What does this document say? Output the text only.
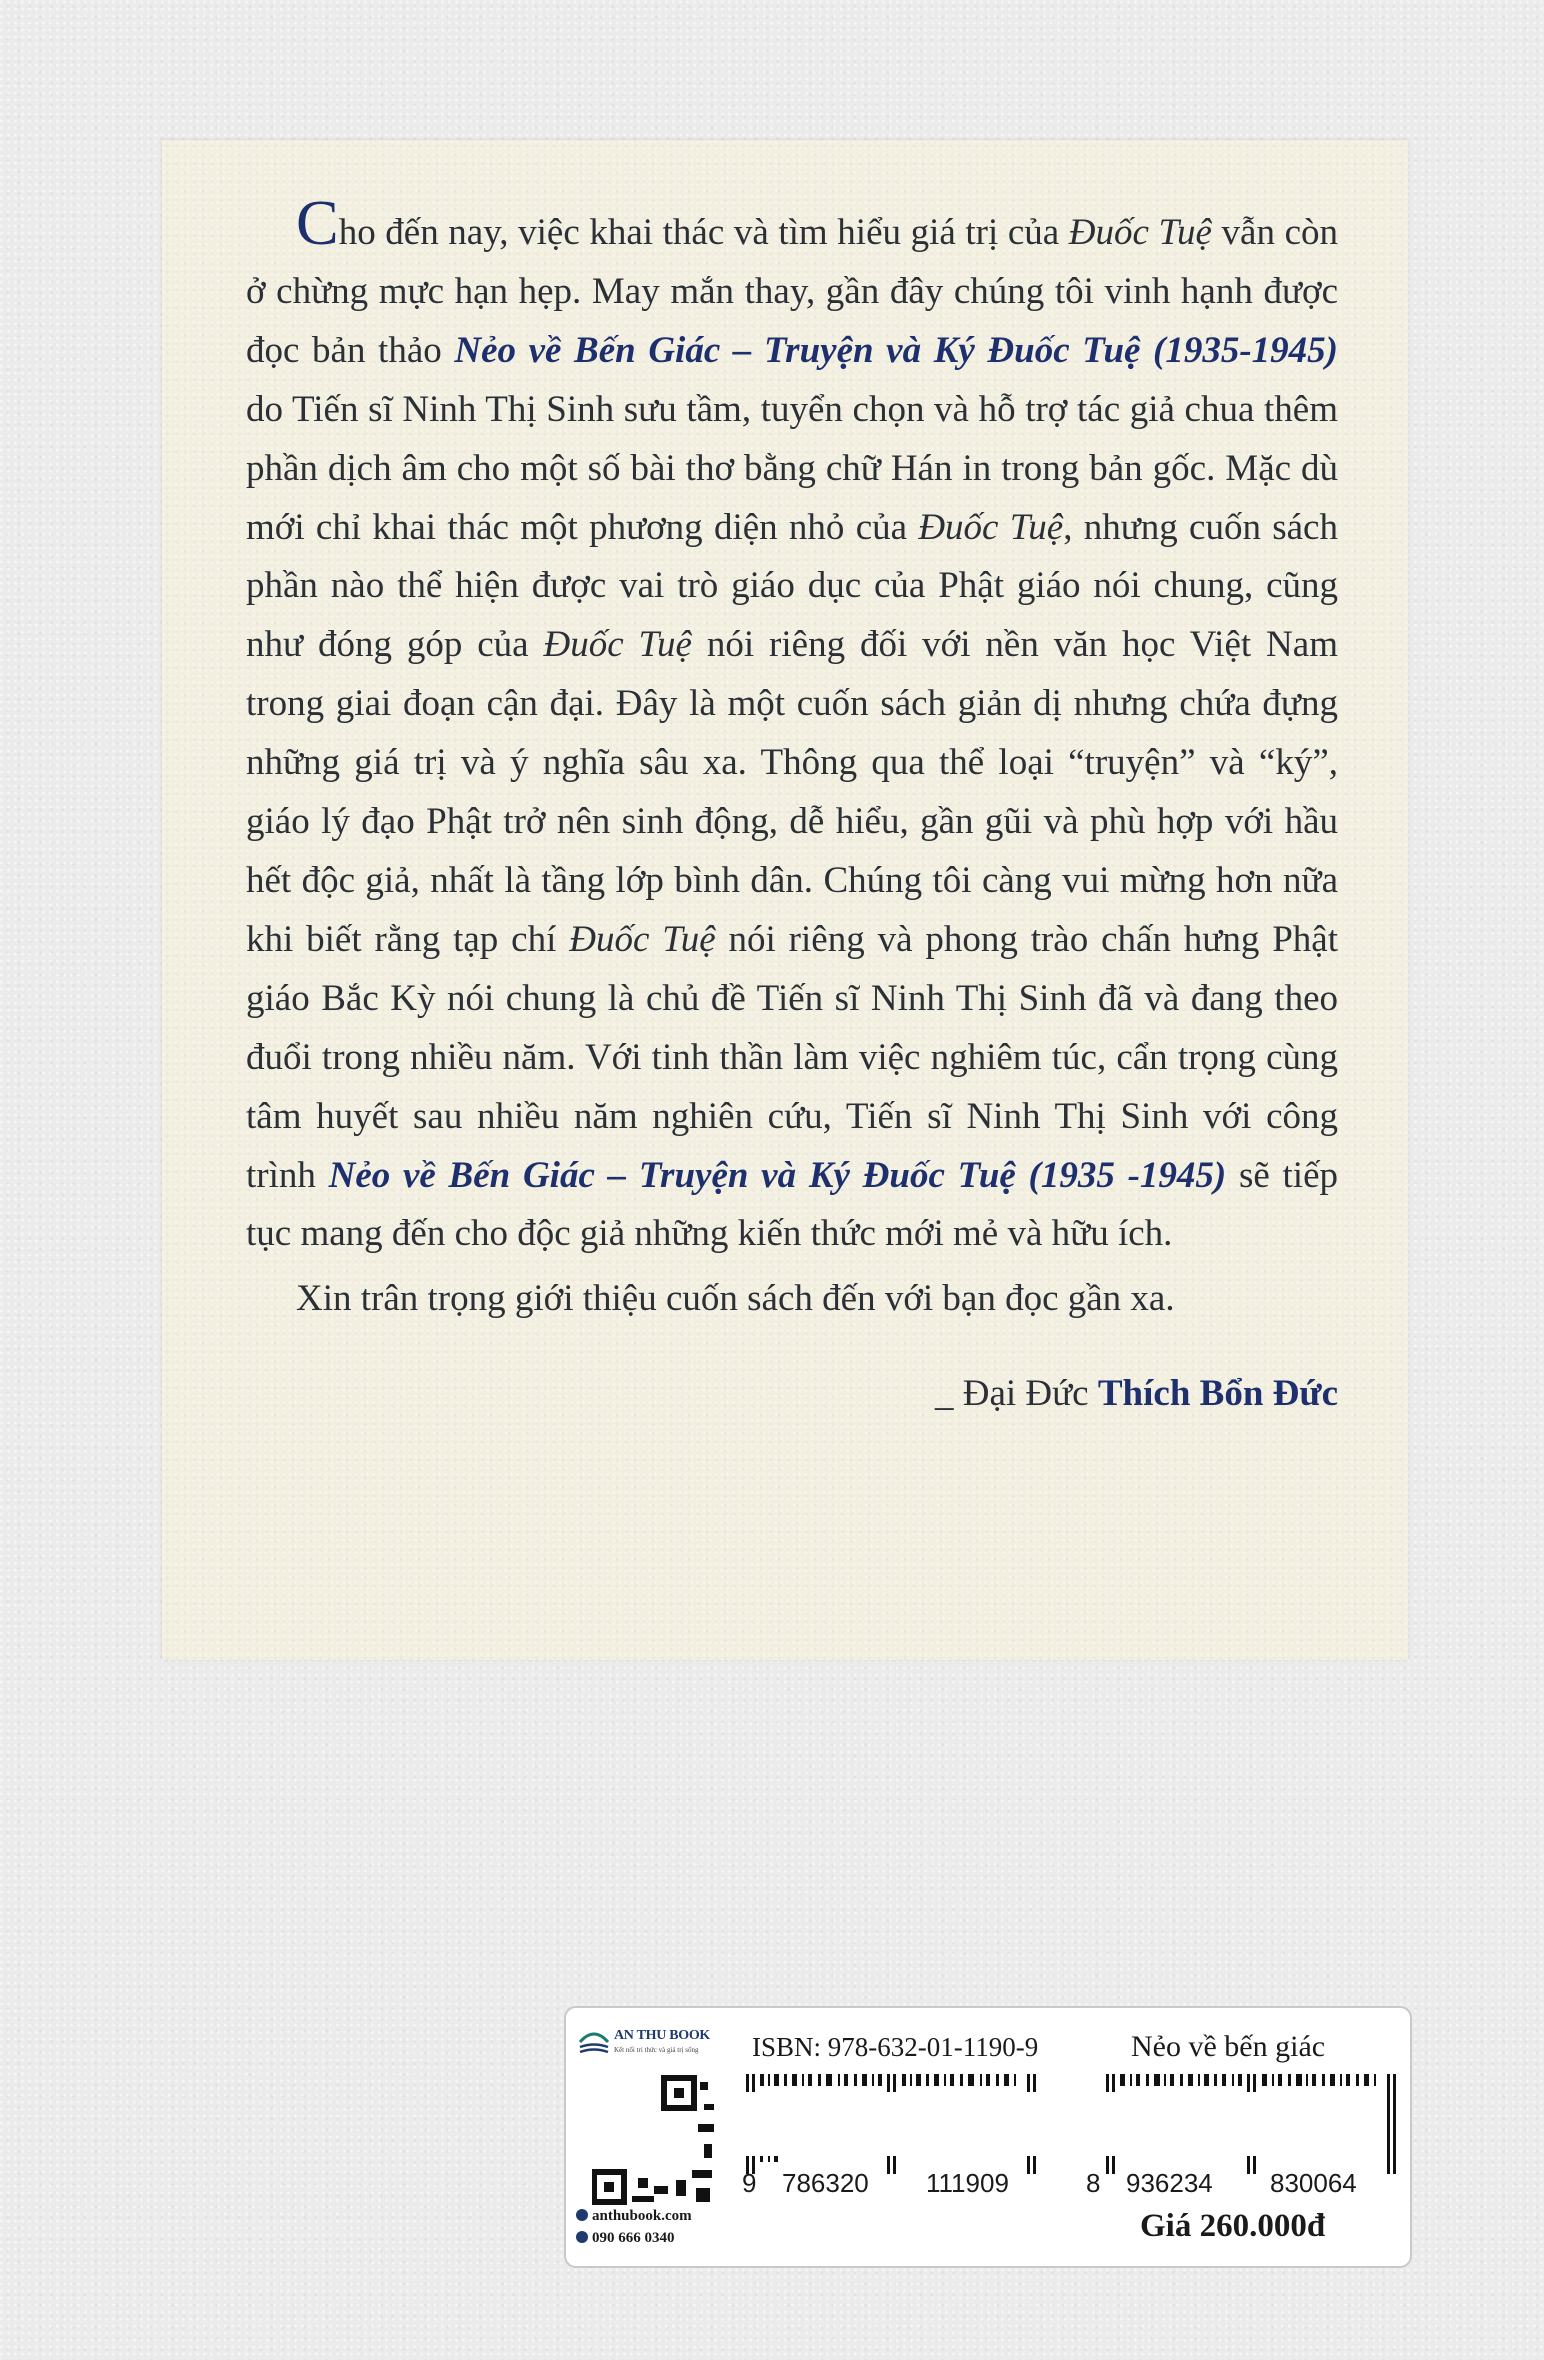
Cho đến nay, việc khai thác và tìm hiểu giá trị của Đuốc Tuệ vẫn còn ở chừng mực hạn hẹp. May mắn thay, gần đây chúng tôi vinh hạnh được đọc bản thảo Nẻo về Bến Giác – Truyện và Ký Đuốc Tuệ (1935-1945) do Tiến sĩ Ninh Thị Sinh sưu tầm, tuyển chọn và hỗ trợ tác giả chua thêm phần dịch âm cho một số bài thơ bằng chữ Hán in trong bản gốc. Mặc dù mới chỉ khai thác một phương diện nhỏ của Đuốc Tuệ, nhưng cuốn sách phần nào thể hiện được vai trò giáo dục của Phật giáo nói chung, cũng như đóng góp của Đuốc Tuệ nói riêng đối với nền văn học Việt Nam trong giai đoạn cận đại. Đây là một cuốn sách giản dị nhưng chứa đựng những giá trị và ý nghĩa sâu xa. Thông qua thể loại “truyện” và “ký”, giáo lý đạo Phật trở nên sinh động, dễ hiểu, gần gũi và phù hợp với hầu hết độc giả, nhất là tầng lớp bình dân. Chúng tôi càng vui mừng hơn nữa khi biết rằng tạp chí Đuốc Tuệ nói riêng và phong trào chấn hưng Phật giáo Bắc Kỳ nói chung là chủ đề Tiến sĩ Ninh Thị Sinh đã và đang theo đuổi trong nhiều năm. Với tinh thần làm việc nghiêm túc, cẩn trọng cùng tâm huyết sau nhiều năm nghiên cứu, Tiến sĩ Ninh Thị Sinh với công trình Nẻo về Bến Giác – Truyện và Ký Đuốc Tuệ (1935 -1945) sẽ tiếp tục mang đến cho độc giả những kiến thức mới mẻ và hữu ích.

Xin trân trọng giới thiệu cuốn sách đến với bạn đọc gần xa.

_ Đại Đức Thích Bổn Đức

AN THU BOOK
Kết nối tri thức và giá trị sống ISBN: 978-632-01-1190-9	Nẻo về bến giác
9 786320 111909	8 936234 830064
anthubook.com
090 666 0340	Giá 260.000đ
